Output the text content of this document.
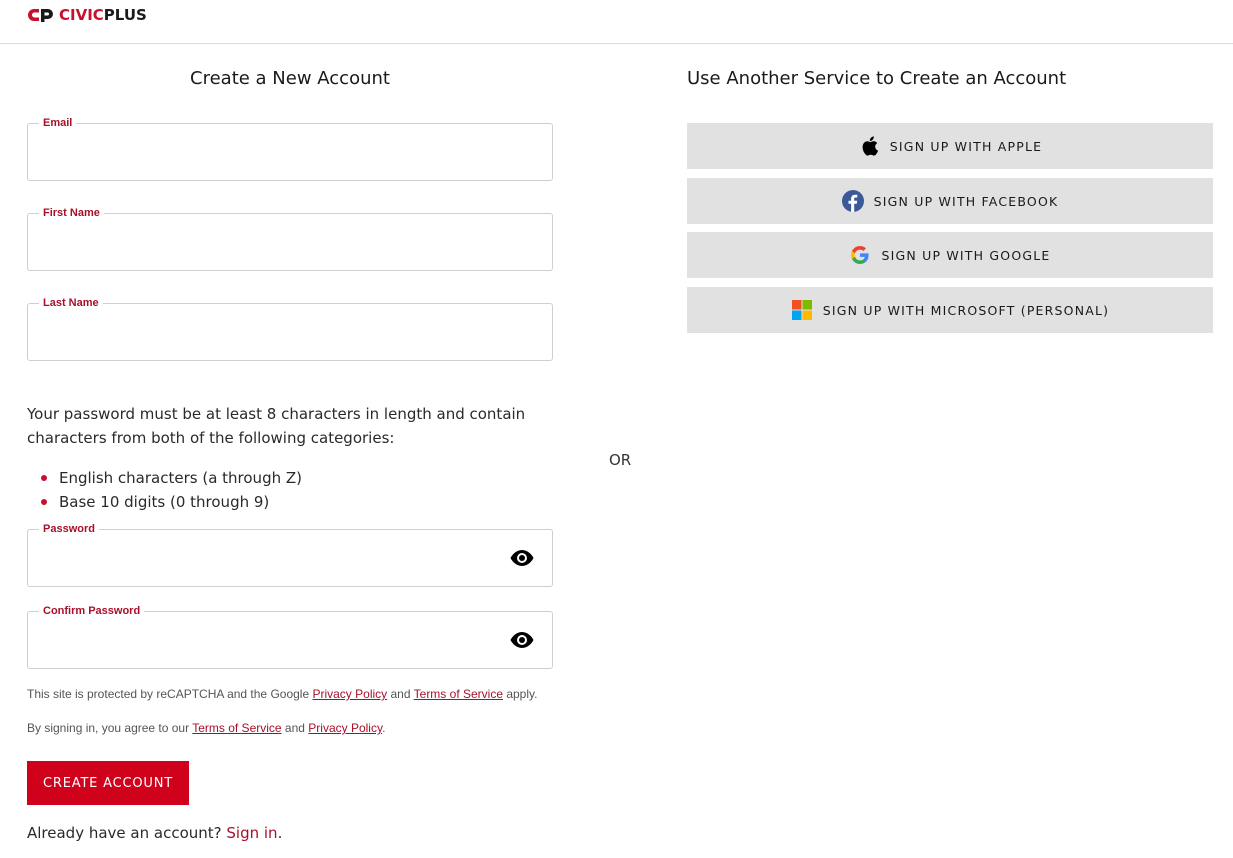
CIVICPLUS
Create a New Account
Email
First Name
Last Name
Your password must be at least 8 characters in length and contain characters from both of the following categories:
English characters (a through Z)
Base 10 digits (0 through 9)
Password
Confirm Password
This site is protected by reCAPTCHA and the Google Privacy Policy and Terms of Service apply.
By signing in, you agree to our Terms of Service and Privacy Policy.
CREATE ACCOUNT
Already have an account? Sign in.
OR
Use Another Service to Create an Account
SIGN UP WITH APPLE
SIGN UP WITH FACEBOOK
SIGN UP WITH GOOGLE
SIGN UP WITH MICROSOFT (PERSONAL)
